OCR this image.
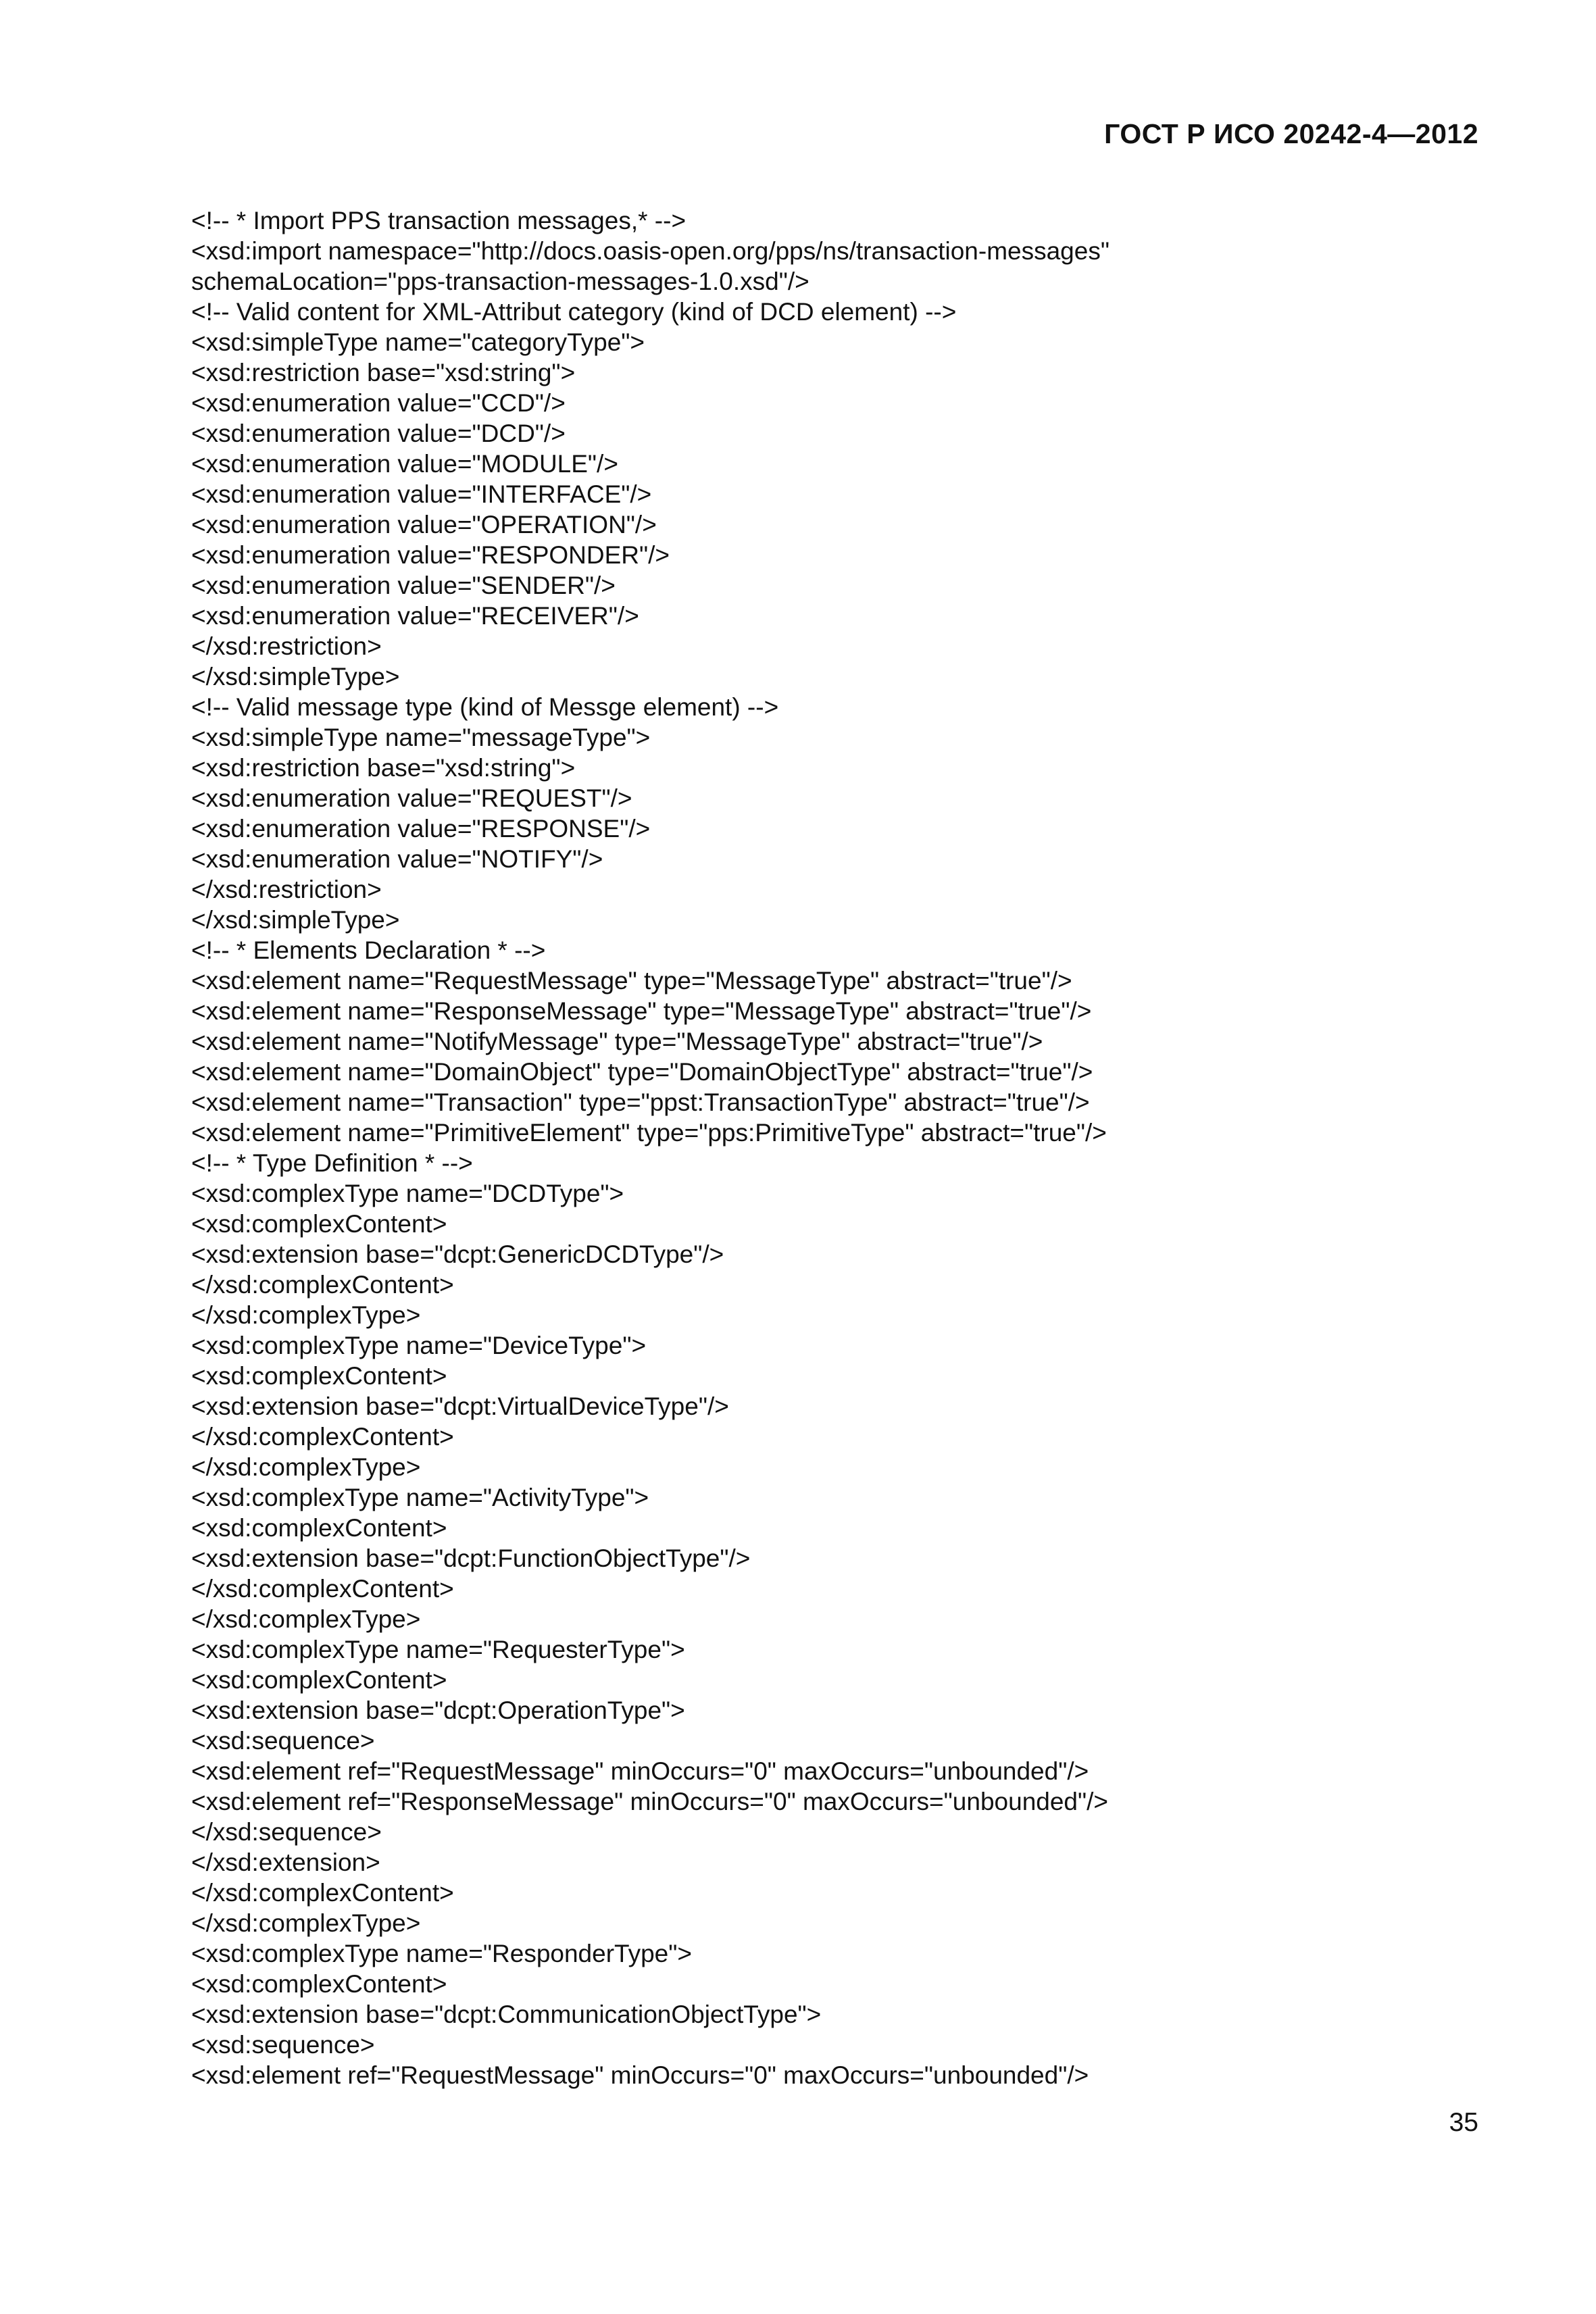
ГОСТ Р ИСО 20242-4—2012
<!-- * Import PPS transaction messages,* -->
<xsd:import namespace="http://docs.oasis-open.org/pps/ns/transaction-messages"
schemaLocation="pps-transaction-messages-1.0.xsd"/>
<!-- Valid content for XML-Attribut category (kind of DCD element) -->
<xsd:simpleType name="categoryType">
<xsd:restriction base="xsd:string">
<xsd:enumeration value="CCD"/>
<xsd:enumeration value="DCD"/>
<xsd:enumeration value="MODULE"/>
<xsd:enumeration value="INTERFACE"/>
<xsd:enumeration value="OPERATION"/>
<xsd:enumeration value="RESPONDER"/>
<xsd:enumeration value="SENDER"/>
<xsd:enumeration value="RECEIVER"/>
</xsd:restriction>
</xsd:simpleType>
<!-- Valid message type (kind of Messge element) -->
<xsd:simpleType name="messageType">
<xsd:restriction base="xsd:string">
<xsd:enumeration value="REQUEST"/>
<xsd:enumeration value="RESPONSE"/>
<xsd:enumeration value="NOTIFY"/>
</xsd:restriction>
</xsd:simpleType>
<!-- * Elements Declaration * -->
<xsd:element name="RequestMessage" type="MessageType" abstract="true"/>
<xsd:element name="ResponseMessage" type="MessageType" abstract="true"/>
<xsd:element name="NotifyMessage" type="MessageType" abstract="true"/>
<xsd:element name="DomainObject" type="DomainObjectType" abstract="true"/>
<xsd:element name="Transaction" type="ppst:TransactionType" abstract="true"/>
<xsd:element name="PrimitiveElement" type="pps:PrimitiveType" abstract="true"/>
<!-- * Type Definition * -->
<xsd:complexType name="DCDType">
<xsd:complexContent>
<xsd:extension base="dcpt:GenericDCDType"/>
</xsd:complexContent>
</xsd:complexType>
<xsd:complexType name="DeviceType">
<xsd:complexContent>
<xsd:extension base="dcpt:VirtualDeviceType"/>
</xsd:complexContent>
</xsd:complexType>
<xsd:complexType name="ActivityType">
<xsd:complexContent>
<xsd:extension base="dcpt:FunctionObjectType"/>
</xsd:complexContent>
</xsd:complexType>
<xsd:complexType name="RequesterType">
<xsd:complexContent>
<xsd:extension base="dcpt:OperationType">
<xsd:sequence>
<xsd:element ref="RequestMessage" minOccurs="0" maxOccurs="unbounded"/>
<xsd:element ref="ResponseMessage" minOccurs="0" maxOccurs="unbounded"/>
</xsd:sequence>
</xsd:extension>
</xsd:complexContent>
</xsd:complexType>
<xsd:complexType name="ResponderType">
<xsd:complexContent>
<xsd:extension base="dcpt:CommunicationObjectType">
<xsd:sequence>
<xsd:element ref="RequestMessage" minOccurs="0" maxOccurs="unbounded"/>
35
